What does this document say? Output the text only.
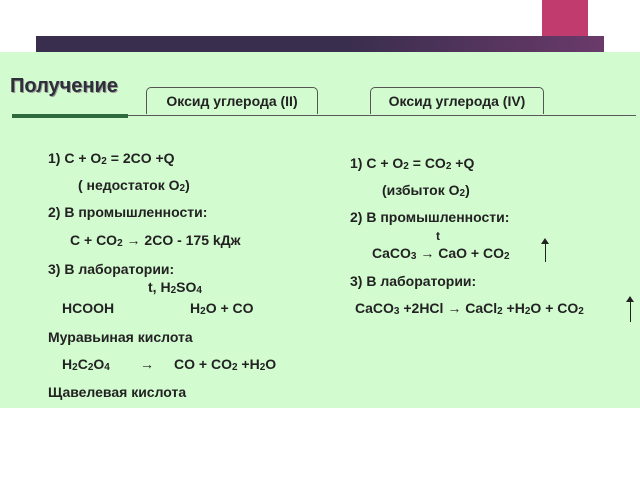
Получение
Оксид углерода (II)	Оксид углерода (IV)
1) $C + O_2 = 2CO +Q$
( недостаток $O_2$)
2) В промышленности:
$C + CO_2 \to 2CO - 175$ kДж
3) В лаборатории:
t, $H_2SO_4$
HCOOH	$H_2O$ + CO
Муравьиная кислота
$H_2C_2O_4$ → CO + $CO_2 +H_2O$
Щавелевая кислота
1) $C + O_2 = CO_2 +Q$
(избыток $O_2$)
2) В промышленности:
t
CaCO$_3$ → CaO + $CO_2$
3) В лаборатории:
CaCO$_3$ +2HCl → CaCl$_2$ $+H_2O + CO_2$
